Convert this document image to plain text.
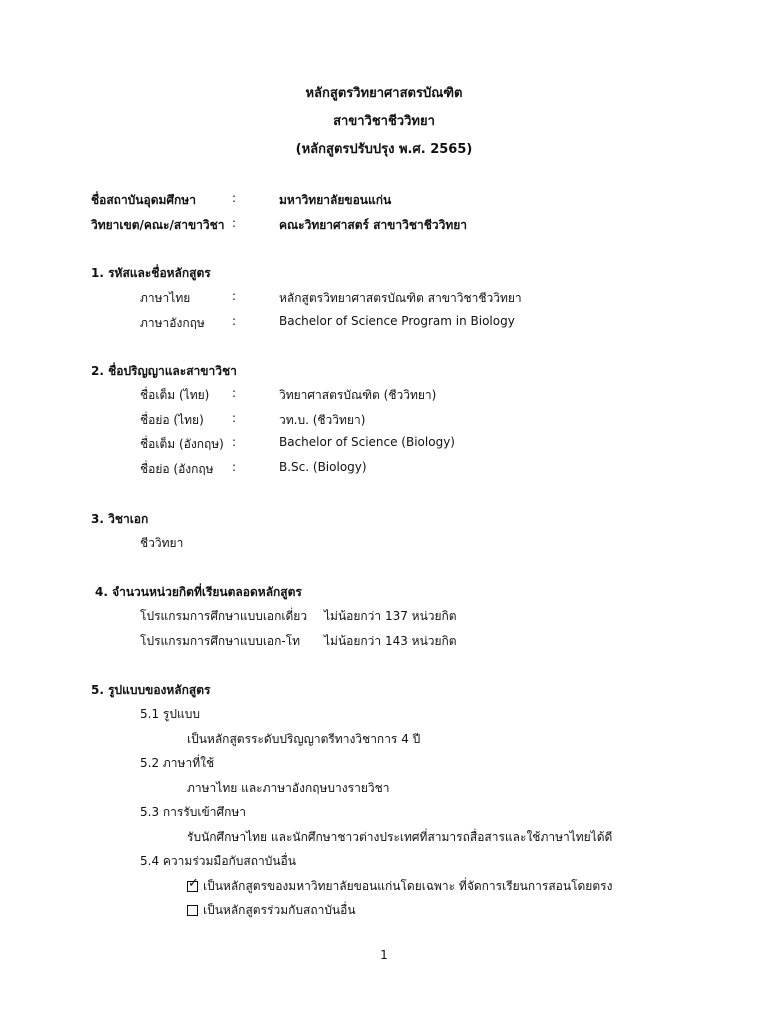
หลักสูตรวิทยาศาสตรบัณฑิต
สาขาวิชาชีววิทยา
(หลักสูตรปรับปรุง พ.ศ. 2565)
ชื่อสถาบันอุดมศึกษา	:	มหาวิทยาลัยขอนแก่น
วิทยาเขต/คณะ/สาขาวิชา :	คณะวิทยาศาสตร์ สาขาวิชาชีววิทยา
1. รหัสและชื่อหลักสูตร
ภาษาไทย	:	หลักสูตรวิทยาศาสตรบัณฑิต สาขาวิชาชีววิทยา
ภาษาอังกฤษ :	Bachelor of Science Program in Biology
2. ชื่อปริญญาและสาขาวิชา
ชื่อเต็ม (ไทย) :	วิทยาศาสตรบัณฑิต (ชีววิทยา)
ชื่อย่อ (ไทย) :	วท.บ. (ชีววิทยา)
ชื่อเต็ม (อังกฤษ) :	Bachelor of Science (Biology)
ชื่อย่อ (อังกฤษ :	B.Sc. (Biology)
3. วิชาเอก
ชีววิทยา
4. จำนวนหน่วยกิตที่เรียนตลอดหลักสูตร
โปรแกรมการศึกษาแบบเอกเดี่ยว ไม่น้อยกว่า 137 หน่วยกิต
โปรแกรมการศึกษาแบบเอก-โท ไม่น้อยกว่า 143 หน่วยกิต
5. รูปแบบของหลักสูตร
5.1 รูปแบบ
เป็นหลักสูตรระดับปริญญาตรีทางวิชาการ 4 ปี
5.2 ภาษาที่ใช้
ภาษาไทย และภาษาอังกฤษบางรายวิชา
5.3 การรับเข้าศึกษา
รับนักศึกษาไทย และนักศึกษาชาวต่างประเทศที่สามารถสื่อสารและใช้ภาษาไทยได้ดี
5.4 ความร่วมมือกับสถาบันอื่น
✓ เป็นหลักสูตรของมหาวิทยาลัยขอนแก่นโดยเฉพาะ ที่จัดการเรียนการสอนโดยตรง
เป็นหลักสูตรร่วมกับสถาบันอื่น
1
